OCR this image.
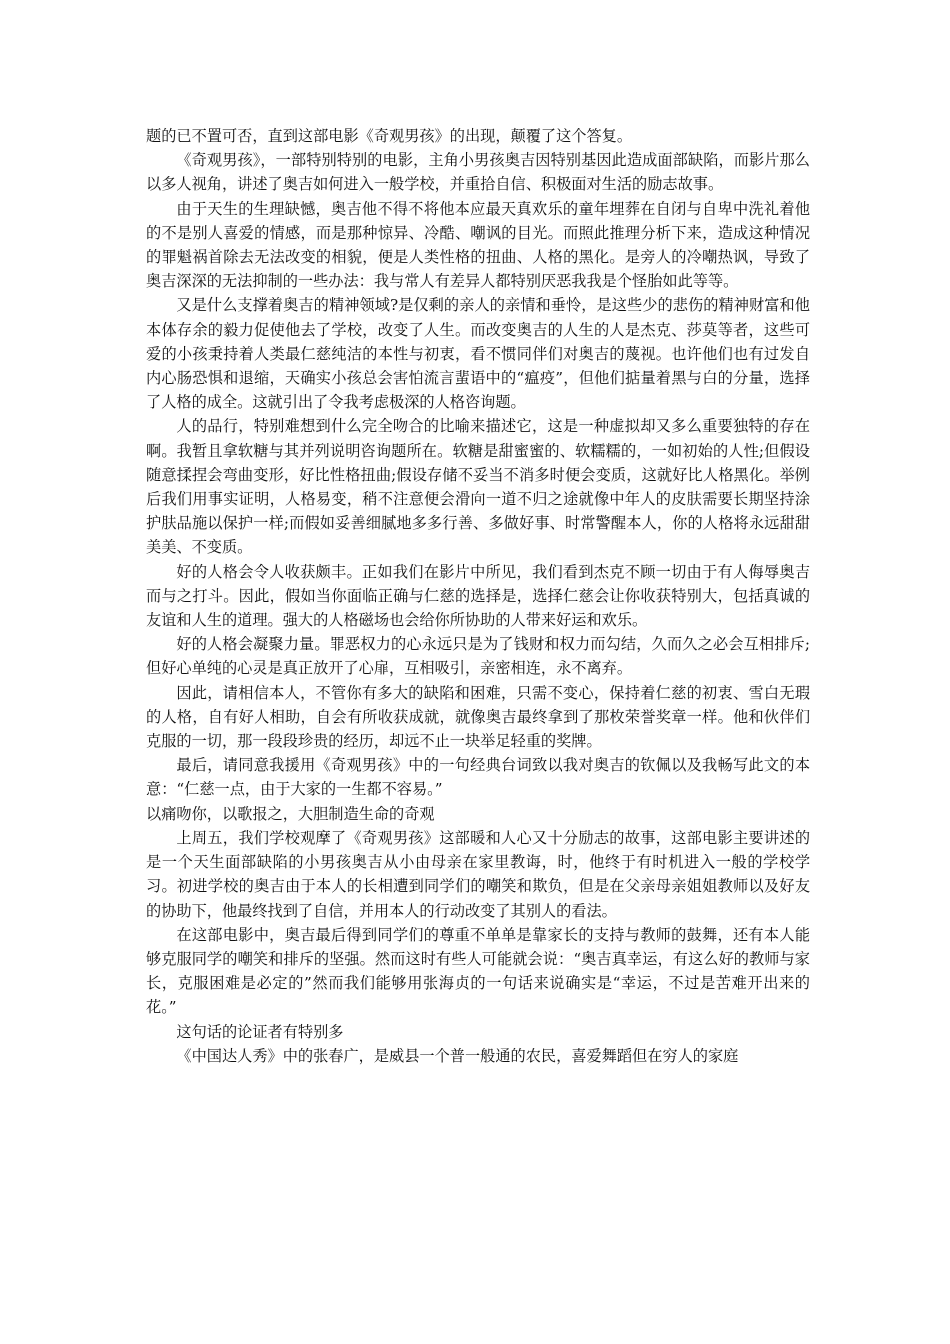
题的已不置可否，直到这部电影《奇观男孩》的出现，颠覆了这个答复。

《奇观男孩》，一部特别特别的电影，主角小男孩奥吉因特别基因此造成面部缺陷，而影片那么以多人视角，讲述了奥吉如何进入一般学校，并重拾自信、积极面对生活的励志故事。

由于天生的生理缺憾，奥吉他不得不将他本应最天真欢乐的童年埋葬在自闭与自卑中洗礼着他的不是别人喜爱的情感，而是那种惊异、冷酷、嘲讽的目光。而照此推理分析下来，造成这种情况的罪魁祸首除去无法改变的相貌，便是人类性格的扭曲、人格的黑化。是旁人的冷嘲热讽，导致了奥吉深深的无法抑制的一些办法：我与常人有差异人都特别厌恶我我是个怪胎如此等等。

又是什么支撑着奥吉的精神领域?是仅剩的亲人的亲情和垂怜，是这些少的悲伤的精神财富和他本体存余的毅力促使他去了学校，改变了人生。而改变奥吉的人生的人是杰克、莎莫等者，这些可爱的小孩秉持着人类最仁慈纯洁的本性与初衷，看不惯同伴们对奥吉的蔑视。也许他们也有过发自内心肠恐惧和退缩，天确实小孩总会害怕流言蜚语中的“瘟疫”，但他们掂量着黑与白的分量，选择了人格的成全。这就引出了令我考虑极深的人格咨询题。

人的品行，特别难想到什么完全吻合的比喻来描述它，这是一种虚拟却又多么重要独特的存在啊。我暂且拿软糖与其并列说明咨询题所在。软糖是甜蜜蜜的、软糯糯的，一如初始的人性;但假设随意揉捏会弯曲变形，好比性格扭曲;假设存储不妥当不消多时便会变质，这就好比人格黑化。举例后我们用事实证明，人格易变，稍不注意便会滑向一道不归之途就像中年人的皮肤需要长期坚持涂护肤品施以保护一样;而假如妥善细腻地多多行善、多做好事、时常警醒本人，你的人格将永远甜甜美美、不变质。

好的人格会令人收获颇丰。正如我们在影片中所见，我们看到杰克不顾一切由于有人侮辱奥吉而与之打斗。因此，假如当你面临正确与仁慈的选择是，选择仁慈会让你收获特别大，包括真诚的友谊和人生的道理。强大的人格磁场也会给你所协助的人带来好运和欢乐。

好的人格会凝聚力量。罪恶权力的心永远只是为了钱财和权力而勾结，久而久之必会互相排斥;但好心单纯的心灵是真正放开了心扉，互相吸引，亲密相连，永不离弃。

因此，请相信本人，不管你有多大的缺陷和困难，只需不变心，保持着仁慈的初衷、雪白无瑕的人格，自有好人相助，自会有所收获成就，就像奥吉最终拿到了那枚荣誉奖章一样。他和伙伴们克服的一切，那一段段珍贵的经历，却远不止一块举足轻重的奖牌。

最后，请同意我援用《奇观男孩》中的一句经典台词致以我对奥吉的钦佩以及我畅写此文的本意：“仁慈一点，由于大家的一生都不容易。”

以痛吻你，以歌报之，大胆制造生命的奇观

上周五，我们学校观摩了《奇观男孩》这部暖和人心又十分励志的故事，这部电影主要讲述的是一个天生面部缺陷的小男孩奥吉从小由母亲在家里教诲，时，他终于有时机进入一般的学校学习。初进学校的奥吉由于本人的长相遭到同学们的嘲笑和欺负，但是在父亲母亲姐姐教师以及好友的协助下，他最终找到了自信，并用本人的行动改变了其别人的看法。

在这部电影中，奥吉最后得到同学们的尊重不单单是靠家长的支持与教师的鼓舞，还有本人能够克服同学的嘲笑和排斥的坚强。然而这时有些人可能就会说：“奥吉真幸运，有这么好的教师与家长，克服困难是必定的”然而我们能够用张海贞的一句话来说确实是“幸运，不过是苦难开出来的花。”

这句话的论证者有特别多

《中国达人秀》中的张春广，是威县一个普一般通的农民，喜爱舞蹈但在穷人的家庭
